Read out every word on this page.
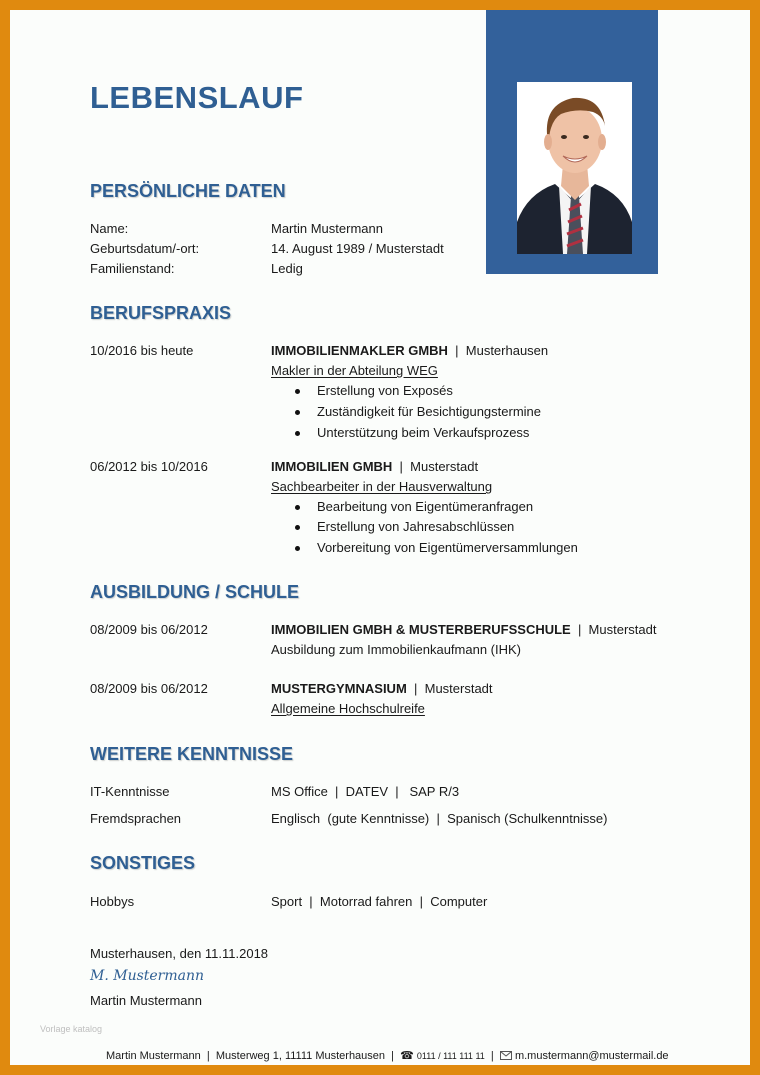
LEBENSLAUF
PERSÖNLICHE DATEN
Name:	Martin Mustermann
Geburtsdatum/-ort:	14. August 1989 / Musterstadt
Familienstand:	Ledig
BERUFSPRAXIS
10/2016 bis heute	IMMOBILIENMAKLER GMBH  |  Musterhausen
Makler in der Abteilung WEG
Erstellung von Exposés
Zuständigkeit für Besichtigungstermine
Unterstützung beim Verkaufsprozess
06/2012 bis 10/2016	IMMOBILIEN GMBH  |  Musterstadt
Sachbearbeiter in der Hausverwaltung
Bearbeitung von Eigentümeranfragen
Erstellung von Jahresabschlüssen
Vorbereitung von Eigentümerversammlungen
AUSBILDUNG / SCHULE
08/2009 bis 06/2012	IMMOBILIEN GMBH & MUSTERBERUFSSCHULE  |  Musterstadt
Ausbildung zum Immobilienkaufmann (IHK)
08/2009 bis 06/2012	MUSTERGYMNASIUM  |  Musterstadt
Allgemeine Hochschulreife
WEITERE KENNTNISSE
IT-Kenntnisse	MS Office  |  DATEV  |   SAP R/3
Fremdsprachen	Englisch  (gute Kenntnisse)  |  Spanisch (Schulkenntnisse)
SONSTIGES
Hobbys	Sport  |  Motorrad fahren  |  Computer
Musterhausen, den 11.11.2018
M. Mustermann
Martin Mustermann
Vorlage katalog
Martin Mustermann  |  Musterweg 1, 11111 Musterhausen  |  ☎ 0111 / 111 111 11  |   m.mustermann@mustermail.de
